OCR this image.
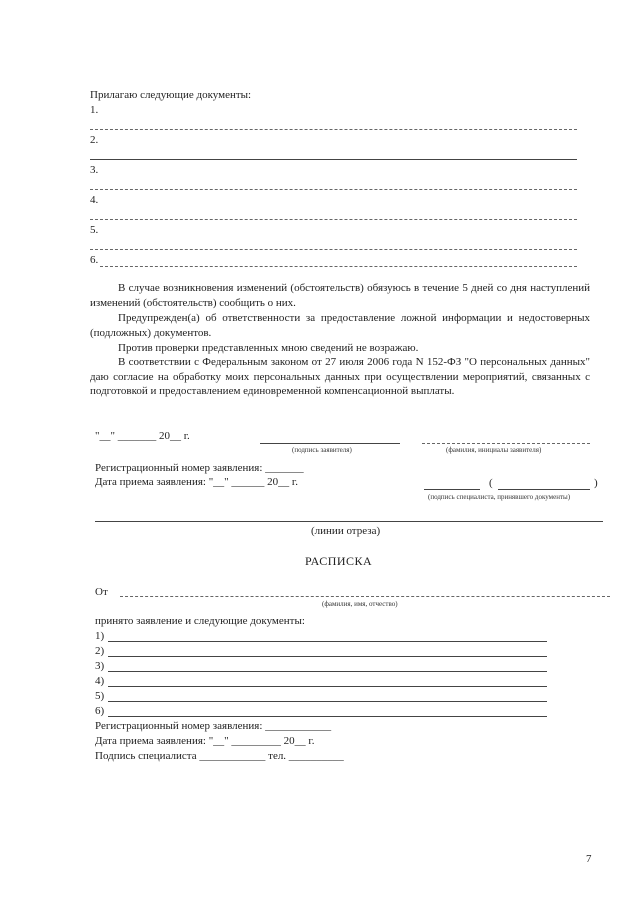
Прилагаю следующие документы:
1.
2.
3.
4.
5.
6.
В случае возникновения изменений (обстоятельств) обязуюсь в течение 5 дней со дня наступлений изменений (обстоятельств) сообщить о них.
Предупрежден(а) об ответственности за предоставление ложной информации и недостоверных (подложных) документов.
Против проверки представленных мною сведений не возражаю.
В соответствии с Федеральным законом от 27 июля 2006 года N 152-ФЗ "О персональных данных" даю согласие на обработку моих персональных данных при осуществлении мероприятий, связанных с подготовкой и предоставлением единовременной компенсационной выплаты.
"__" _______ 20__ г.
(подпись заявителя)	(фамилия, инициалы заявителя)
Регистрационный номер заявления: _______
Дата приема заявления: "__" ______ 20__ г.	(	)
(подпись специалиста, принявшего документы)
(линии отреза)
РАСПИСКА
От
(фамилия, имя, отчество)
принято заявление и следующие документы:
1)
2)
3)
4)
5)
6)
Регистрационный номер заявления: ____________
Дата приема заявления: "__" _________ 20__ г.
Подпись специалиста ____________ тел. __________
7
